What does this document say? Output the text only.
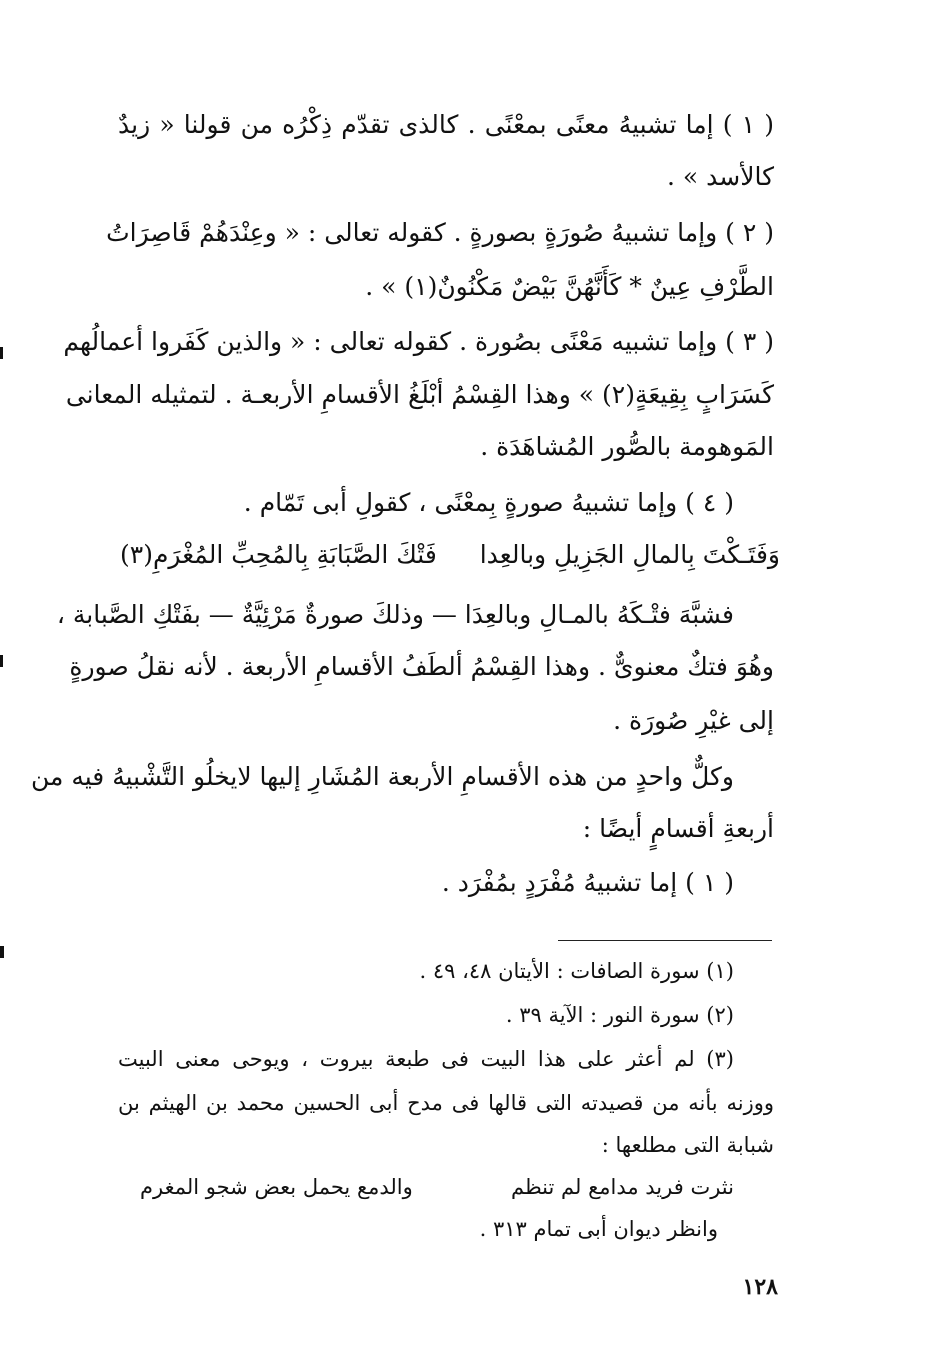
( ١ ) إما تشبيهُ معنًى بمعْنًى . كالذى تقدّم ذِكْرُه من قولنا « زيدٌ
كالأسد » .
( ٢ ) وإما تشبيهُ صُورَةٍ بصورةٍ . كقوله تعالى : « وعِنْدَهُمْ قَاصِرَاتُ
الطَّرْفِ عِينٌ * كَأَنَّهُنَّ بَيْضٌ مَكْنُونٌ(١) » .
( ٣ ) وإما تشبيه مَعْنًى بصُورة . كقوله تعالى : « والذين كَفَروا أعمالُهم
كَسَرَابٍ بِقِيعَةٍ(٢) » وهذا القِسْمُ أبْلَغُ الأقسامِ الأربعـة . لتمثيله المعانى
المَوهومة بالصُّور المُشاهَدَة .
( ٤ ) وإما تشبيهُ صورةٍ بِمعْنًى ، كقولِ أبى تَمّام .
وَفَتَـكْتَ بِالمالِ الجَزِيلِ وبالعِدا
فَتْكَ الصَّبَابَةِ بِالمُحِبِّ المُغْرَمِ(٣)
فشبَّهَ فتْـكَهُ بالمـالِ وبالعِدَا — وذلكَ صورةٌ مَرْئِيَّةٌ — بفَتْكِ الصَّبابة ،
وهُوَ فتكٌ معنوىٌّ . وهذا القِسْمُ ألطَفُ الأقسامِ الأربعة . لأنه نقلُ صورةٍ
إلى غيْرِ صُورَة .
وكلٌّ واحدٍ من هذه الأقسامِ الأربعة المُشَارِ إليها لايخلُو التَّشْبيهُ فيه من
أربعةِ أقسامٍ أيضًا :
( ١ ) إما تشبيهُ مُفْرَدٍ بمُفْرَد .
(١) سورة الصافات : الأيتان ٤٨، ٤٩ .
(٢) سورة النور : الآية ٣٩ .
(٣) لم أعثر على هذا البيت فى طبعة بيروت ، ويوحى معنى البيت
ووزنه بأنه من قصيدته التى قالها فى مدح أبى الحسين محمد بن الهيثم بن
شبابة التى مطلعها :
نثرت فريد مدامع لم تنظم
والدمع يحمل بعض شجو المغرم
وانظر ديوان أبى تمام ٣١٣ .
١٢٨
